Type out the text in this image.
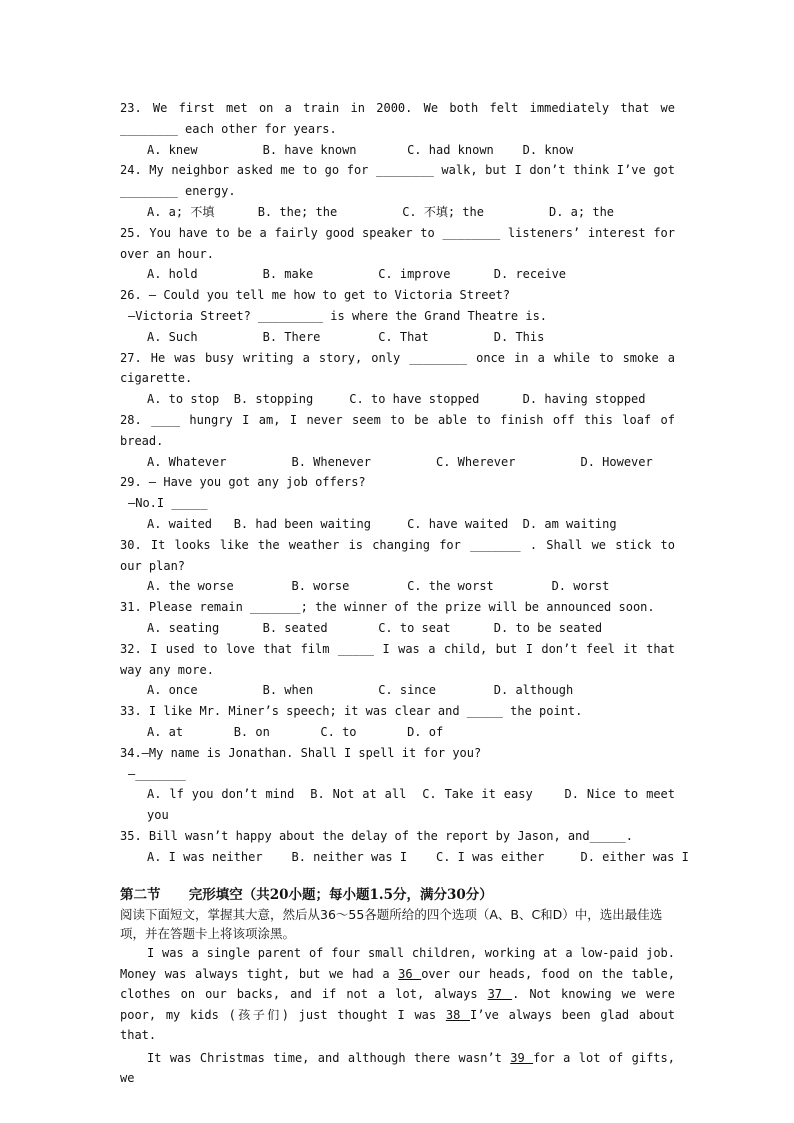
23. We first met on a train in 2000. We both felt immediately that we ________ each other for years.
A. knew         B. have known       C. had known    D. know
24. My neighbor asked me to go for ________ walk, but I don’t think I’ve got ________ energy.
A. a; 不填      B. the; the         C. 不填; the         D. a; the
25. You have to be a fairly good speaker to ________ listeners’ interest for over an hour.
A. hold         B. make         C. improve      D. receive
26. — Could you tell me how to get to Victoria Street?
—Victoria Street? _________ is where the Grand Theatre is.
A. Such         B. There        C. That         D. This
27. He was busy writing a story, only ________ once in a while to smoke a cigarette.
A. to stop  B. stopping     C. to have stopped      D. having stopped
28. ____ hungry I am, I never seem to be able to finish off this loaf of bread.
A. Whatever         B. Whenever         C. Wherever         D. However
29. — Have you got any job offers?
—No.I _____
A. waited   B. had been waiting     C. have waited  D. am waiting
30. It looks like the weather is changing for _______ . Shall we stick to our plan?
A. the worse        B. worse        C. the worst        D. worst
31. Please remain _______; the winner of the prize will be announced soon.
A. seating      B. seated       C. to seat      D. to be seated
32. I used to love that film _____ I was a child, but I don’t feel it that way any more.
A. once         B. when         C. since        D. although
33. I like Mr. Miner’s speech; it was clear and _____ the point.
A. at       B. on       C. to       D. of
34.—My name is Jonathan. Shall I spell it for you?
—_______
A. lf you don’t mind  B. Not at all  C. Take it easy    D. Nice to meet you
35. Bill wasn’t happy about the delay of the report by Jason, and_____.
A. I was neither    B. neither was I    C. I was either     D. either was I
第二节      完形填空（共20小题；每小题1.5分，满分30分）
阅读下面短文，掌握其大意，然后从36～55各题所给的四个选项（A、B、C和D）中，选出最佳选项，并在答题卡上将该项涂黑。
I was a single parent of four small children, working at a low-paid job. Money was always tight, but we had a 36 over our heads, food on the table, clothes on our backs, and if not a lot, always 37 . Not knowing we were poor, my kids (孩子们) just thought I was 38 I’ve always been glad about that.
It was Christmas time, and although there wasn’t 39 for a lot of gifts, we
